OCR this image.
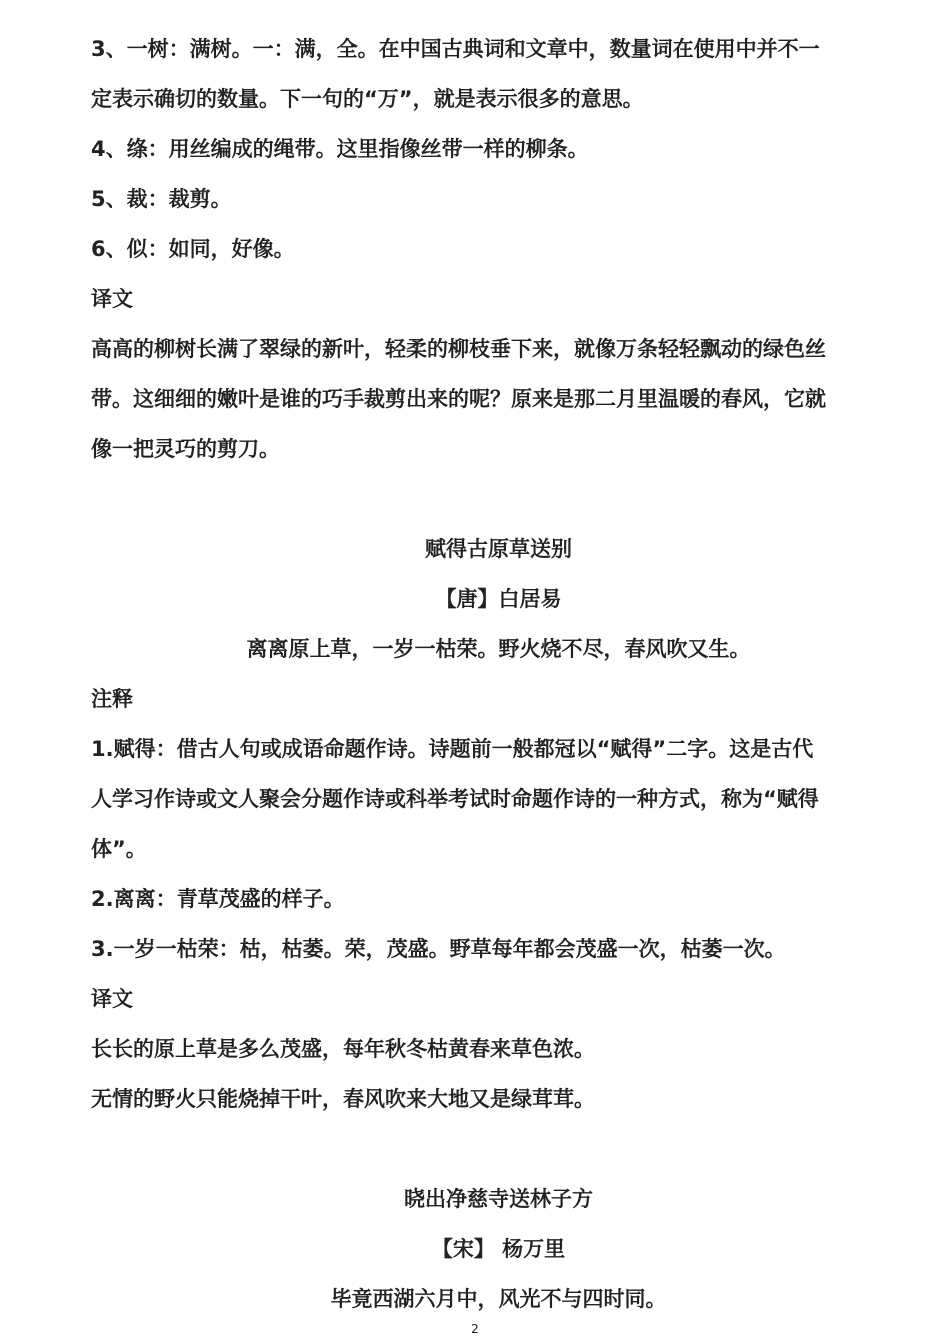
3、一树：满树。一：满，全。在中国古典词和文章中，数量词在使用中并不一

定表示确切的数量。下一句的“万”，就是表示很多的意思。

4、绦：用丝编成的绳带。这里指像丝带一样的柳条。

5、裁：裁剪。

6、似：如同，好像。

译文

高高的柳树长满了翠绿的新叶，轻柔的柳枝垂下来，就像万条轻轻飘动的绿色丝

带。这细细的嫩叶是谁的巧手裁剪出来的呢？原来是那二月里温暖的春风，它就

像一把灵巧的剪刀。

赋得古原草送别

【唐】白居易

离离原上草，一岁一枯荣。野火烧不尽，春风吹又生。

注释

1.赋得：借古人句或成语命题作诗。诗题前一般都冠以“赋得”二字。这是古代

人学习作诗或文人聚会分题作诗或科举考试时命题作诗的一种方式，称为“赋得

体”。

2.离离：青草茂盛的样子。

3.一岁一枯荣：枯，枯萎。荣，茂盛。野草每年都会茂盛一次，枯萎一次。

译文

长长的原上草是多么茂盛，每年秋冬枯黄春来草色浓。

无情的野火只能烧掉干叶，春风吹来大地又是绿茸茸。

晓出净慈寺送林子方

【宋】 杨万里

毕竟西湖六月中，风光不与四时同。

2
